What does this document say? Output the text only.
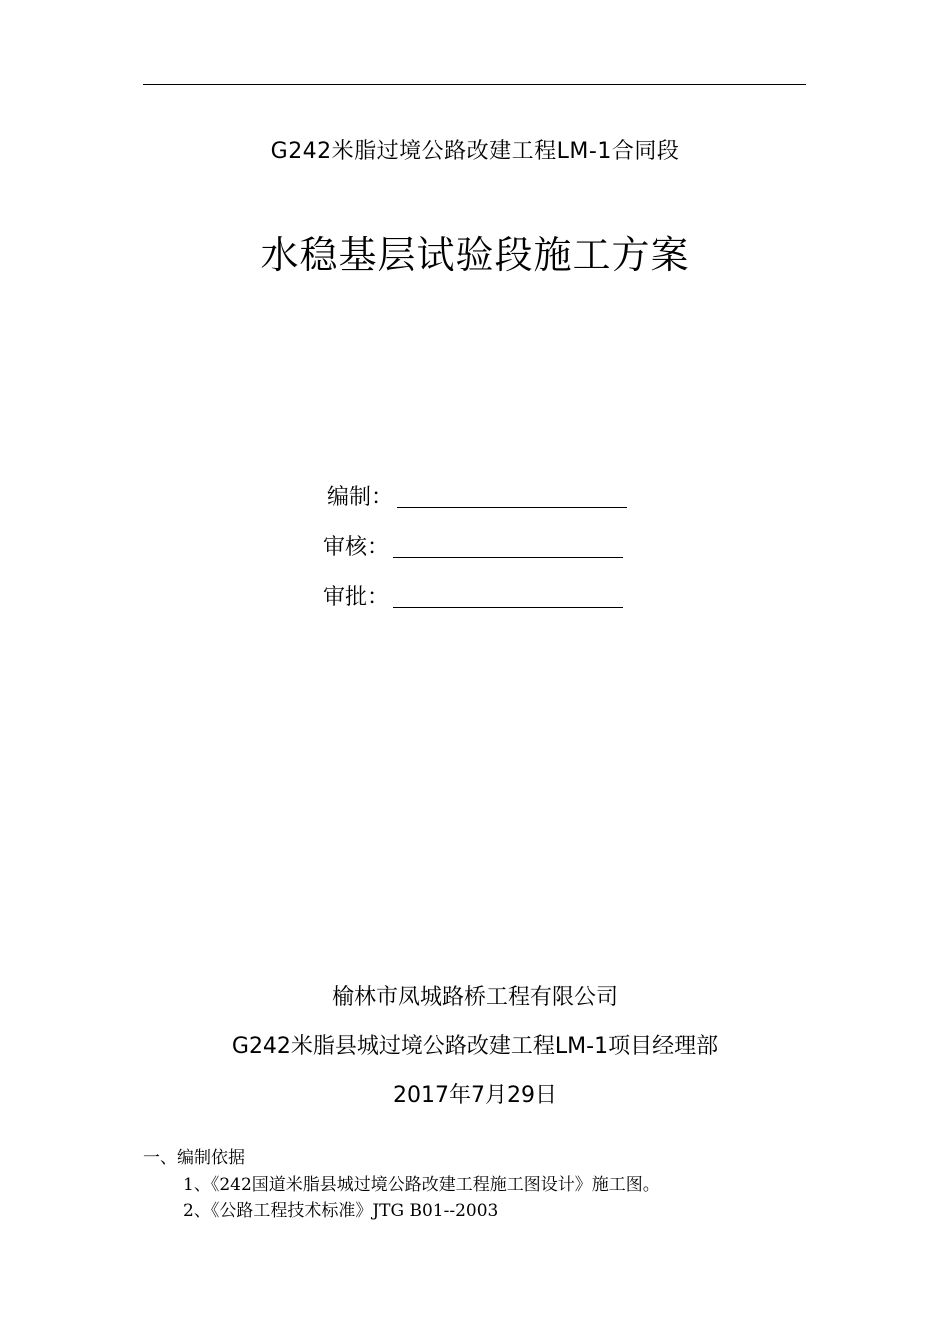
G242米脂过境公路改建工程LM-1合同段
水稳基层试验段施工方案
编制：
审核：
审批：
榆林市凤城路桥工程有限公司
G242米脂县城过境公路改建工程LM-1项目经理部
2017年7月29日
一、编制依据
1、《242国道米脂县城过境公路改建工程施工图设计》施工图。
2、《公路工程技术标准》JTG B01--2003
